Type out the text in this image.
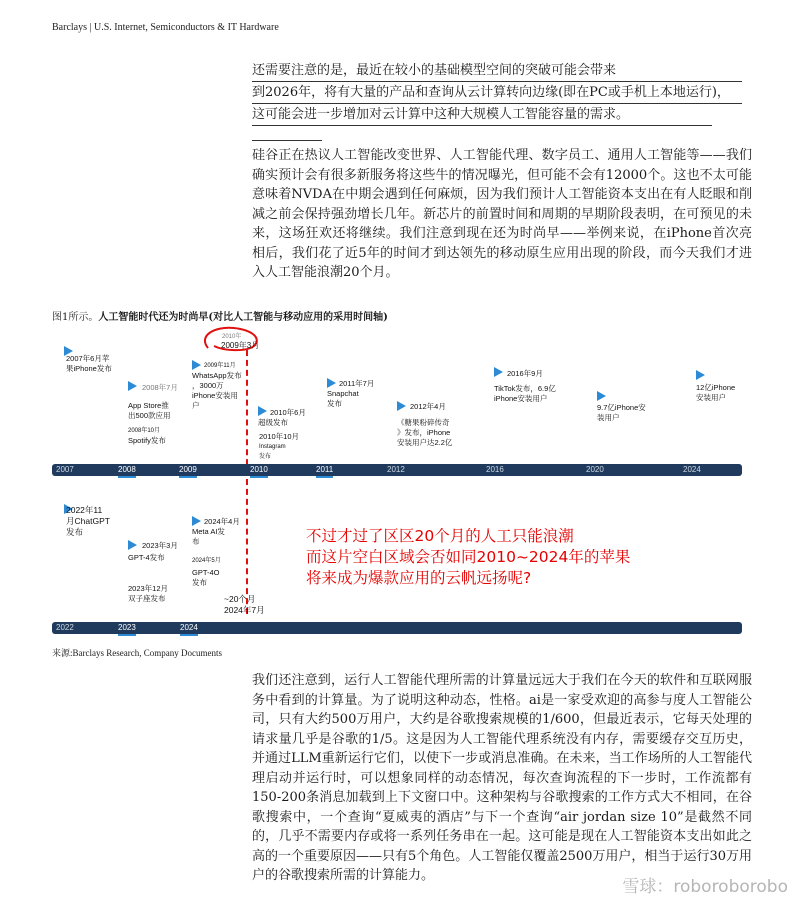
Barclays | U.S. Internet, Semiconductors & IT Hardware
还需要注意的是，最近在较小的基础模型空间的突破可能会带来
到2026年，将有大量的产品和查询从云计算转向边缘(即在PC或手机上本地运行)，
这可能会进一步增加对云计算中这种大规模人工智能容量的需求。
硅谷正在热议人工智能改变世界、人工智能代理、数字员工、通用人工智能等——我们确实预计会有很多新服务将这些牛的情况曝光，但可能不会有12000个。这也不太可能意味着NVDA在中期会遇到任何麻烦，因为我们预计人工智能资本支出在有人眨眼和削减之前会保持强劲增长几年。新芯片的前置时间和周期的早期阶段表明，在可预见的未来，这场狂欢还将继续。我们注意到现在还为时尚早——举例来说，在iPhone首次亮相后，我们花了近5年的时间才到达领先的移动原生应用出现的阶段，而今天我们才进入人工智能浪潮20个月。
图1所示。人工智能时代还为时尚早(对比人工智能与移动应用的采用时间轴)
2010年
2009年3月
2007年6月苹
果iPhone发布
2008年7月
App Store推
出500款应用
2008年10月
Spotify发布
2009年11月
WhatsApp发布
，3000万
iPhone安装用
户
2010年6月
超级发布
2010年10月
Instagram
发布
2011年7月
Snapchat
发布	2012年4月
《糖果粉碎传奇
》发布，iPhone
安装用户达2.2亿
2016年9月
TikTok发布，6.9亿
iPhone安装用户
9.7亿iPhone安
装用户
12亿iPhone
安装用户
2007	2008	2009	2010	2011	2012	2016	2020	2024
2022年11
月ChatGPT
发布
2023年3月
GPT-4发布
2023年12月
双子座发布
2024年4月
Meta AI发
布
2024年5月
GPT-4O
发布
~20个月
2024年7月
不过才过了区区20个月的人工只能浪潮
而这片空白区域会否如同2010~2024年的苹果
将来成为爆款应用的云帆远扬呢?
2022	2023	2024
来源:Barclays Research, Company Documents
我们还注意到，运行人工智能代理所需的计算量远远大于我们在今天的软件和互联网服务中看到的计算量。为了说明这种动态，性格。ai是一家受欢迎的高参与度人工智能公司，只有大约500万用户，大约是谷歌搜索规模的1/600，但最近表示，它每天处理的请求量几乎是谷歌的1/5。这是因为人工智能代理系统没有内存，需要缓存交互历史，并通过LLM重新运行它们，以使下一步或消息准确。在未来，当工作场所的人工智能代理启动并运行时，可以想象同样的动态情况，每次查询流程的下一步时，工作流都有150-200条消息加载到上下文窗口中。这种架构与谷歌搜索的工作方式大不相同，在谷歌搜索中，一个查询“夏威夷的酒店”与下一个查询“air jordan size 10”是截然不同的，几乎不需要内存或将一系列任务串在一起。这可能是现在人工智能资本支出如此之高的一个重要原因——只有5个角色。人工智能仅覆盖2500万用户，相当于运行30万用户的谷歌搜索所需的计算能力。
雪球：roboroborobo
